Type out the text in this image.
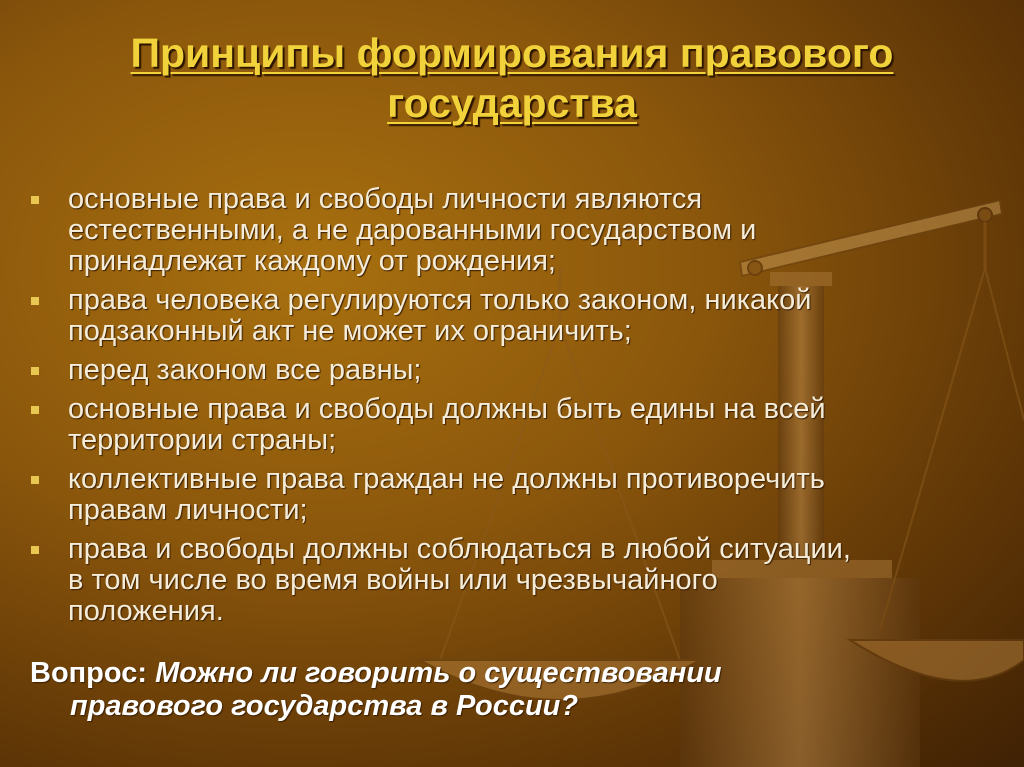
Принципы формирования правового
государства
основные права и свободы личности являются
естественными, а не дарованными государством и
принадлежат каждому от рождения;
права человека регулируются только законом, никакой
подзаконный акт не может их ограничить;
перед законом все равны;
основные права и свободы должны быть едины на всей
территории страны;
коллективные права граждан не должны противоречить
правам личности;
права и свободы должны соблюдаться в любой ситуации,
в том числе во время войны или чрезвычайного
положения.
Вопрос: Можно ли говорить о существовании
правового государства в России?
